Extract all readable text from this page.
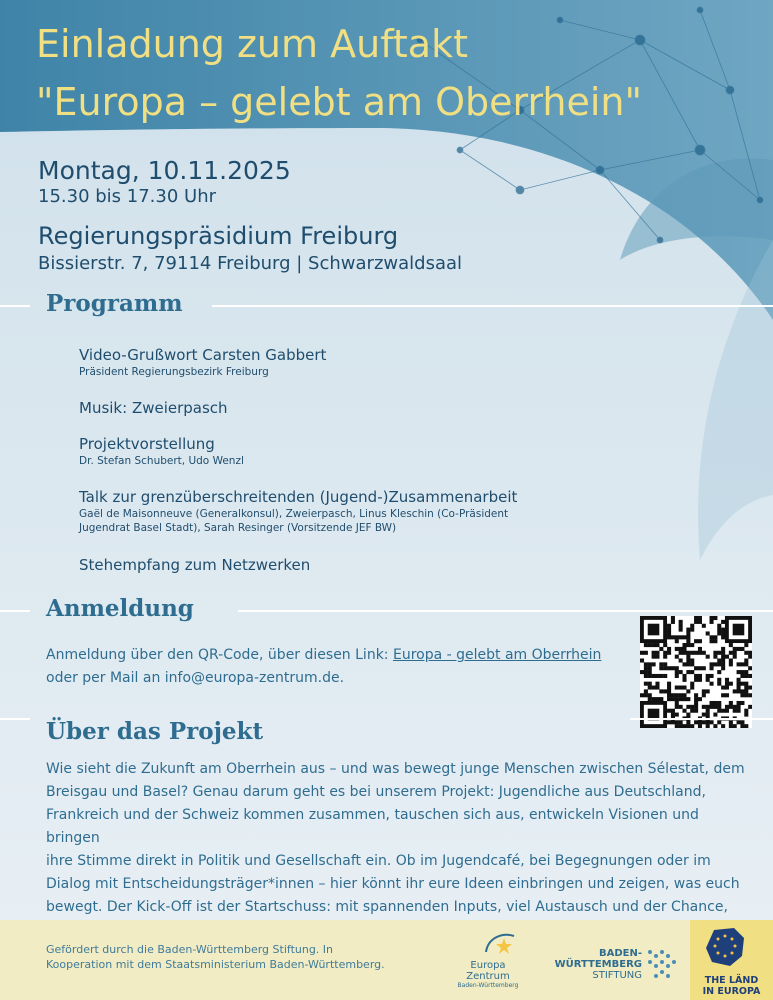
Einladung zum Auftakt
"Europa – gelebt am Oberrhein"
Montag, 10.11.2025
15.30 bis 17.30 Uhr
Regierungspräsidium Freiburg
Bissierstr. 7, 79114 Freiburg | Schwarzwaldsaal
Programm
Video-Grußwort Carsten Gabbert
Präsident Regierungsbezirk Freiburg
Musik: Zweierpasch
Projektvorstellung
Dr. Stefan Schubert, Udo Wenzl
Talk zur grenzüberschreitenden (Jugend-)Zusammenarbeit
Gaël de Maisonneuve (Generalkonsul), Zweierpasch, Linus Kleschin (Co-Präsident
Jugendrat Basel Stadt), Sarah Resinger (Vorsitzende JEF BW)
Stehempfang zum Netzwerken
Anmeldung
Anmeldung über den QR-Code, über diesen Link: Europa - gelebt am Oberrhein
oder per Mail an info@europa-zentrum.de.
Über das Projekt
Wie sieht die Zukunft am Oberrhein aus – und was bewegt junge Menschen zwischen Sélestat, dem
Breisgau und Basel? Genau darum geht es bei unserem Projekt: Jugendliche aus Deutschland,
Frankreich und der Schweiz kommen zusammen, tauschen sich aus, entwickeln Visionen und bringen
ihre Stimme direkt in Politik und Gesellschaft ein. Ob im Jugendcafé, bei Begegnungen oder im
Dialog mit Entscheidungsträger*innen – hier könnt ihr eure Ideen einbringen und zeigen, was euch
bewegt. Der Kick-Off ist der Startschuss: mit spannenden Inputs, viel Austausch und der Chance,
Gefördert durch die Baden-Württemberg Stiftung. In
Kooperation mit dem Staatsministerium Baden-Württemberg.	Europa
Zentrum
Baden-Württemberg
BADEN-
WÜRTTEMBERG
STIFTUNG	THE LÄND
IN EUROPA
